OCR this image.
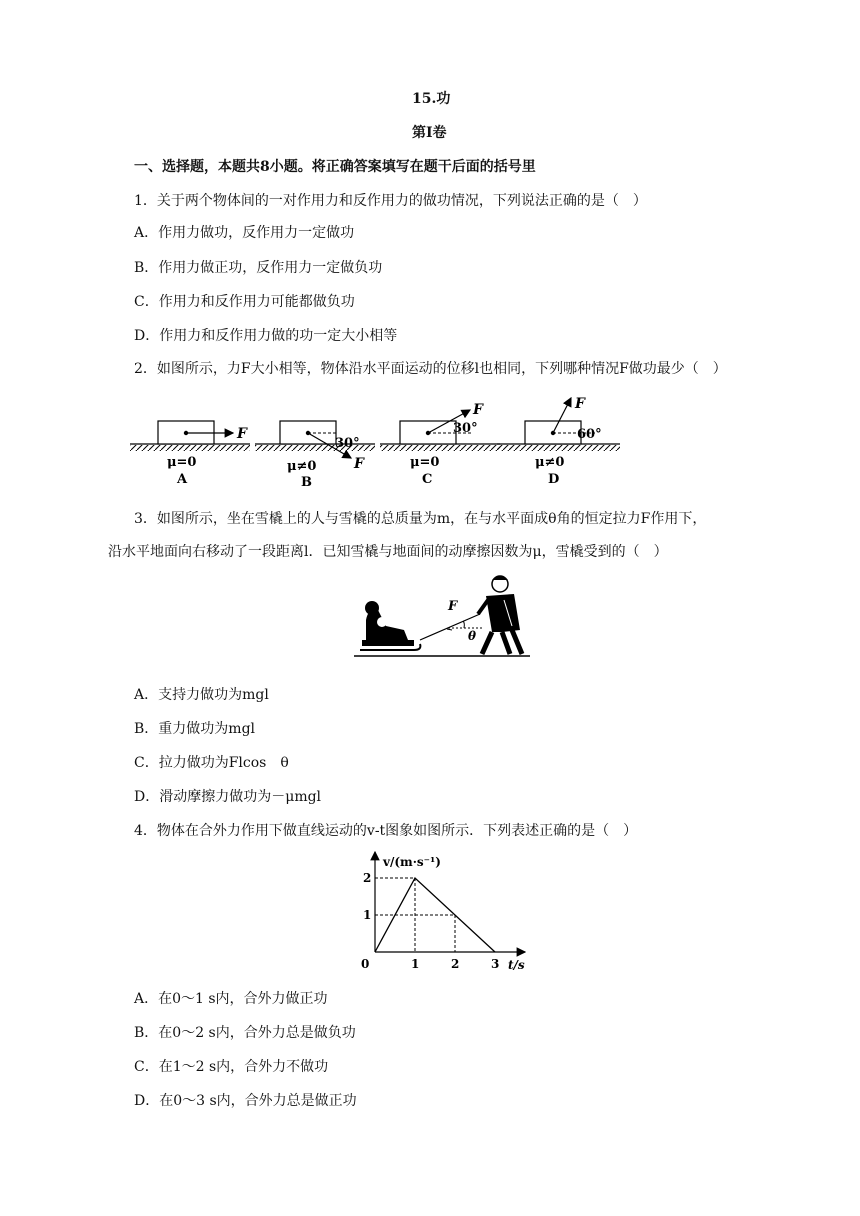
15.功
第Ⅰ卷
一、选择题，本题共8小题。将正确答案填写在题干后面的括号里
1．关于两个物体间的一对作用力和反作用力的做功情况，下列说法正确的是（　）
A．作用力做功，反作用力一定做功
B．作用力做正功，反作用力一定做负功
C．作用力和反作用力可能都做负功
D．作用力和反作用力做的功一定大小相等
2．如图所示，力F大小相等，物体沿水平面运动的位移l也相同，下列哪种情况F做功最少（　）
F
μ=0
A
30°
F
μ≠0
B
30°
F
μ=0
C
60°
F
μ≠0
D
3．如图所示，坐在雪橇上的人与雪橇的总质量为m，在与水平面成θ角的恒定拉力F作用下，
沿水平地面向右移动了一段距离l．已知雪橇与地面间的动摩擦因数为μ，雪橇受到的（　）
F
θ
A．支持力做功为mgl
B．重力做功为mgl
C．拉力做功为Flcos　θ
D．滑动摩擦力做功为－μmgl
4．物体在合外力作用下做直线运动的v-t图象如图所示．下列表述正确的是（　）
v/(m·s⁻¹)
t/s
0	1	2	3
1
2
A．在0～1 s内，合外力做正功
B．在0～2 s内，合外力总是做负功
C．在1～2 s内，合外力不做功
D．在0～3 s内，合外力总是做正功
